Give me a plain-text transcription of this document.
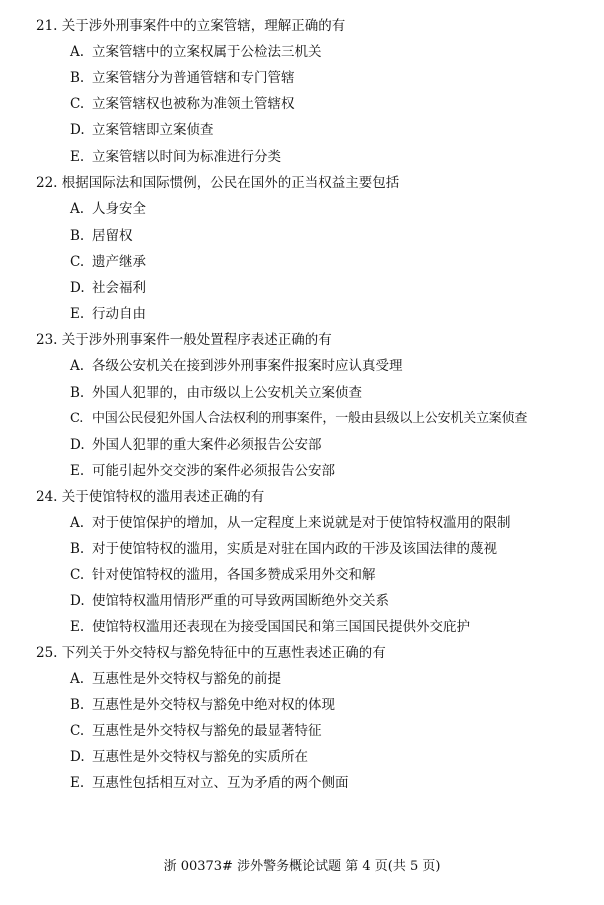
21. 关于涉外刑事案件中的立案管辖，理解正确的有
A. 立案管辖中的立案权属于公检法三机关
B. 立案管辖分为普通管辖和专门管辖
C. 立案管辖权也被称为准领土管辖权
D. 立案管辖即立案侦查
E. 立案管辖以时间为标准进行分类
22. 根据国际法和国际惯例，公民在国外的正当权益主要包括
A. 人身安全
B. 居留权
C. 遗产继承
D. 社会福利
E. 行动自由
23. 关于涉外刑事案件一般处置程序表述正确的有
A. 各级公安机关在接到涉外刑事案件报案时应认真受理
B. 外国人犯罪的，由市级以上公安机关立案侦查
C. 中国公民侵犯外国人合法权利的刑事案件，一般由县级以上公安机关立案侦查
D. 外国人犯罪的重大案件必须报告公安部
E. 可能引起外交交涉的案件必须报告公安部
24. 关于使馆特权的滥用表述正确的有
A. 对于使馆保护的增加，从一定程度上来说就是对于使馆特权滥用的限制
B. 对于使馆特权的滥用，实质是对驻在国内政的干涉及该国法律的蔑视
C. 针对使馆特权的滥用，各国多赞成采用外交和解
D. 使馆特权滥用情形严重的可导致两国断绝外交关系
E. 使馆特权滥用还表现在为接受国国民和第三国国民提供外交庇护
25. 下列关于外交特权与豁免特征中的互惠性表述正确的有
A. 互惠性是外交特权与豁免的前提
B. 互惠性是外交特权与豁免中绝对权的体现
C. 互惠性是外交特权与豁免的最显著特征
D. 互惠性是外交特权与豁免的实质所在
E. 互惠性包括相互对立、互为矛盾的两个侧面
浙 00373# 涉外警务概论试题 第 4 页(共 5 页)
